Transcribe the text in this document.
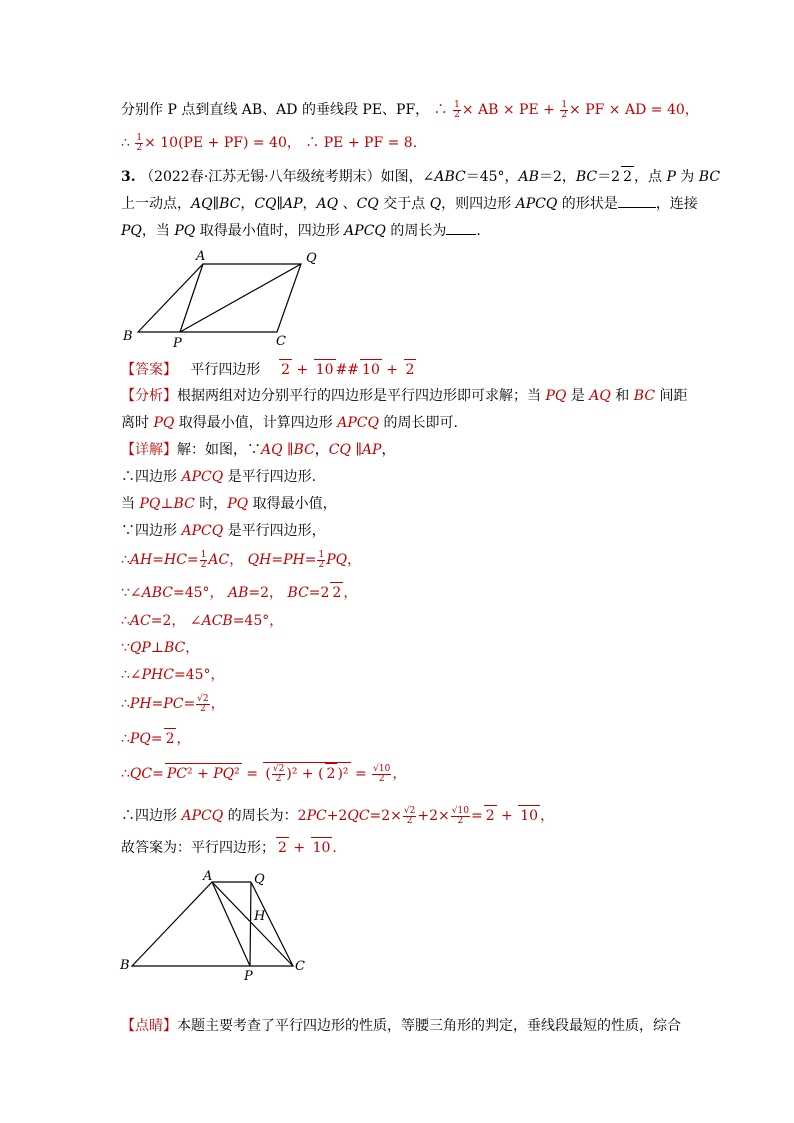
分别作 P 点到直线 AB、AD 的垂线段 PE、PF， ∴ $\frac{1}{2}$ × AB × PE + $\frac{1}{2}$ × PF × AD = 40，
∴ $\frac{1}{2} \times 10(PE + PF) = 40$， ∴ PE + PF = 8.
3. （2022春·江苏无锡·八年级统考期末）如图，∠ABC＝45°，AB＝2，BC＝2 2 ，点 P 为 BC
上一动点，AQ∥BC，CQ∥AP，AQ 、CQ 交于点 Q，则四边形 APCQ 的形状是	，连接
PQ，当 PQ 取得最小值时，四边形 APCQ 的周长为 .
A	Q
B	P	C
【答案】 平行四边形 2 + 10 ## 10 + 2
【分析】根据两组对边分别平行的四边形是平行四边形即可求解；当 PQ 是 AQ 和 BC 间距
离时 PQ 取得最小值，计算四边形 APCQ 的周长即可.
【详解】解：如图，∵AQ ∥BC，CQ ∥AP，
∴四边形 APCQ 是平行四边形.
当 PQ⊥BC 时，PQ 取得最小值，
∵四边形 APCQ 是平行四边形，
∴AH=HC= $\frac{1}{2}$ AC， $QH=PH= \frac{1}{2}$ PQ，
∵∠ABC=45°， AB=2， BC=2 2 ，
∴AC=2， ∠ACB=45°，
∵QP⊥BC，
∴∠PHC=45°，
∴PH=PC= $\frac{√2}{2}$ ，
∴PQ= 2 ，
∴QC= PC² + PQ² = ( $\frac{√2}{2} )^2$ + ( 2 )$^2 = \frac{√10}{2}$ ，
∴四边形 APCQ 的周长为：$2PC+2QC=2\times \frac{√2}{2} +2\times \frac{√10}{2} = 2 + 10$ ，
故答案为：平行四边形； 2 + 10 .
A	Q
H
B
P
C
【点睛】本题主要考查了平行四边形的性质，等腰三角形的判定，垂线段最短的性质，综合
